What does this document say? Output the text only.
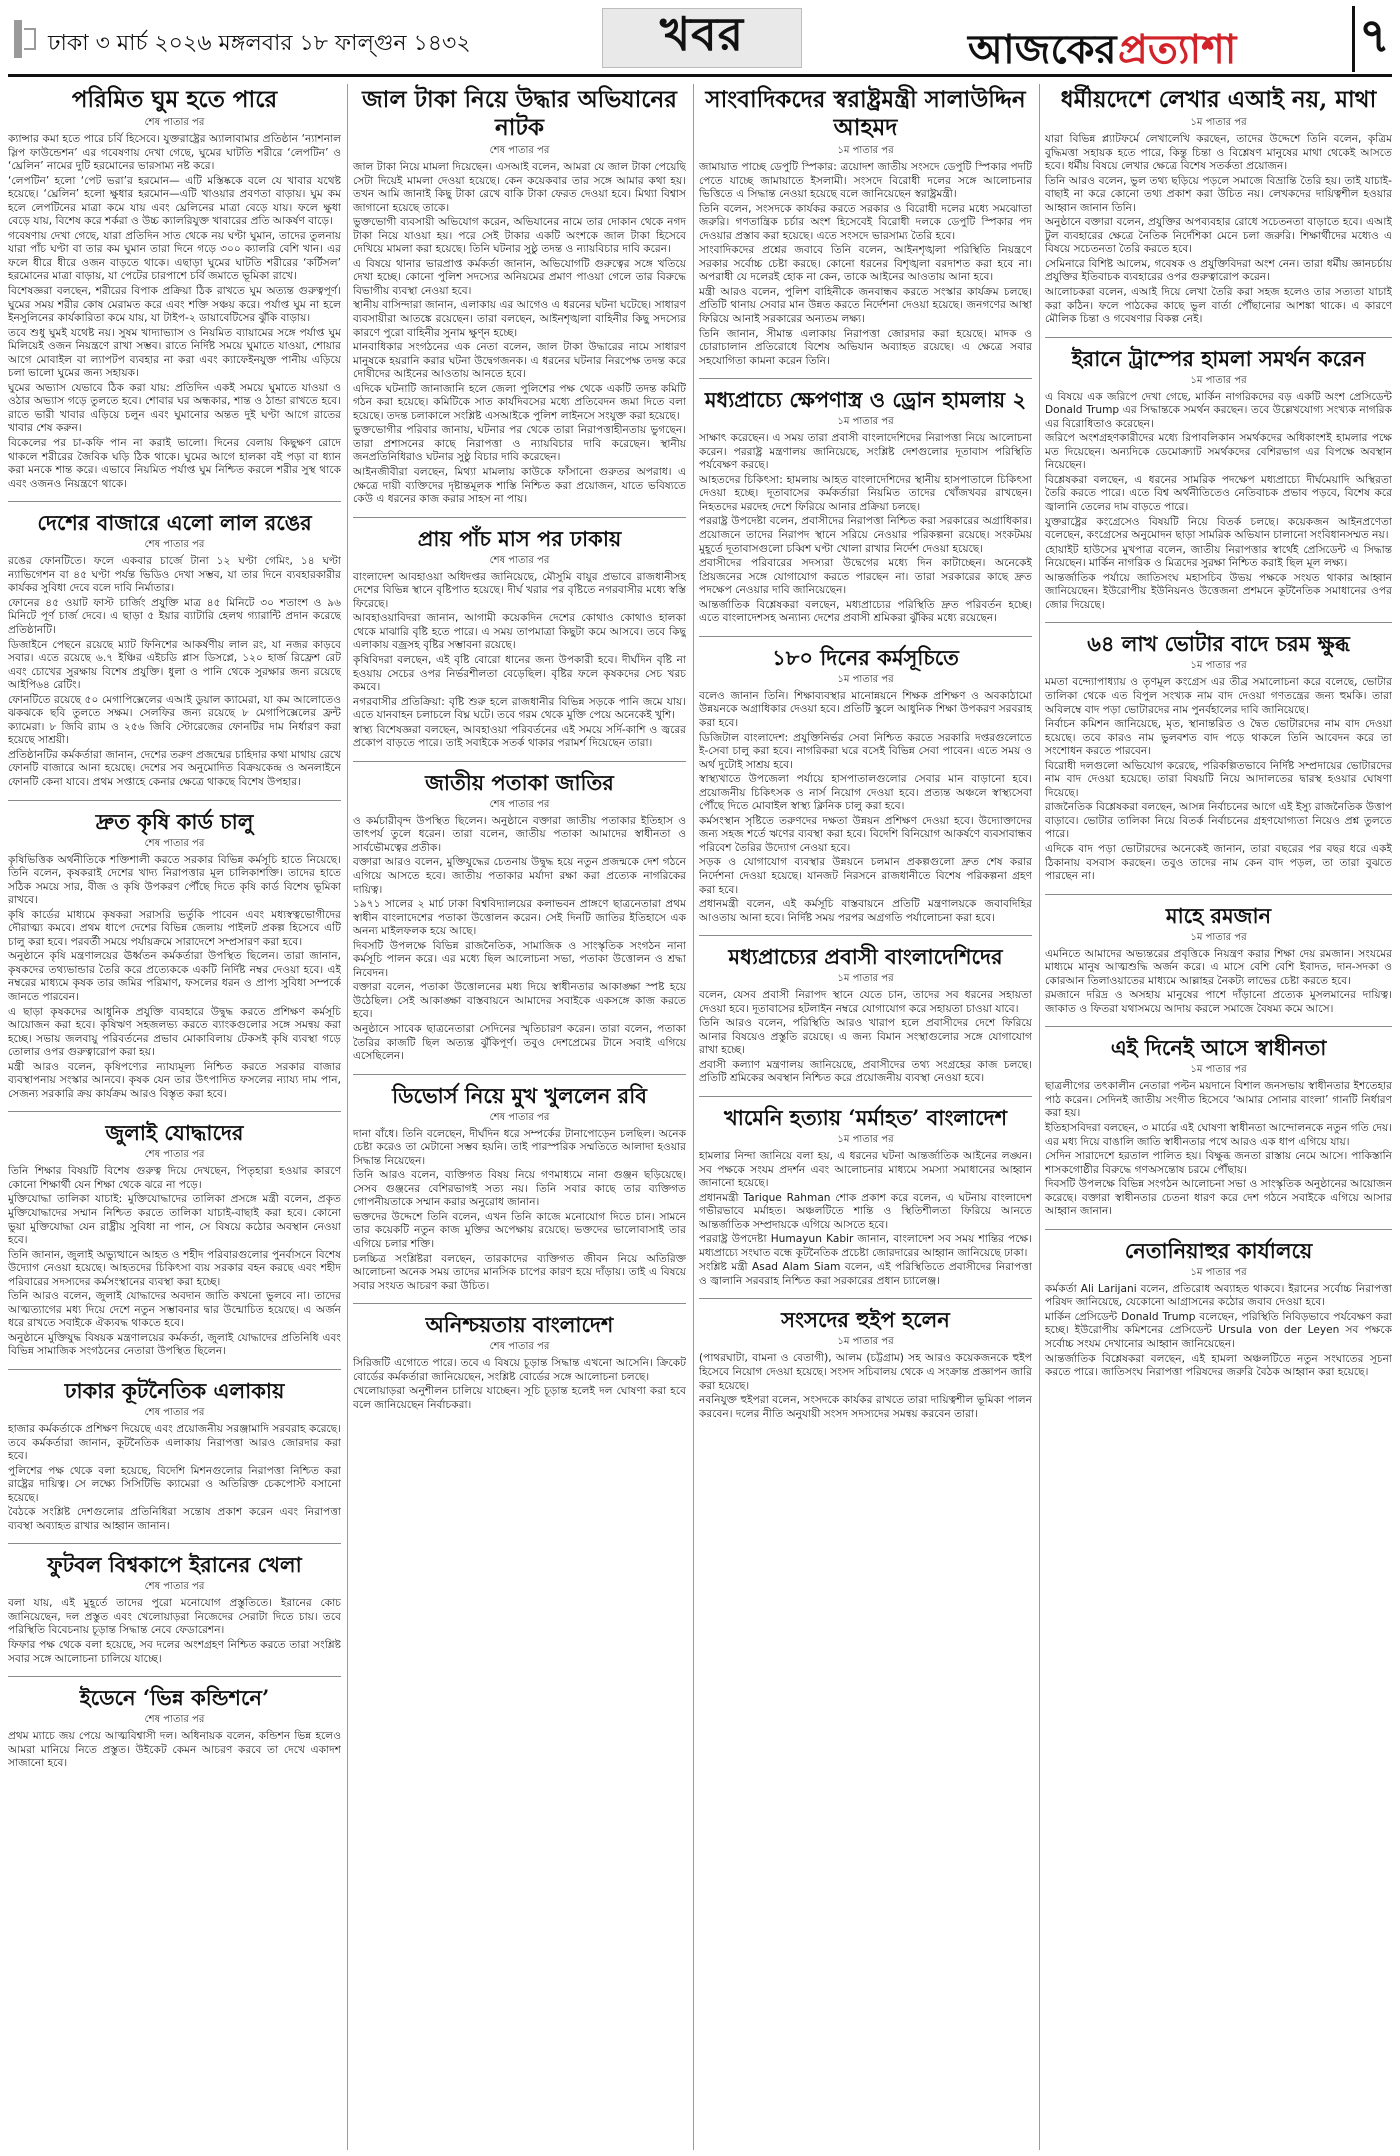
ঢাকা ৩ মার্চ ২০২৬ মঙ্গলবার ১৮ ফাল্গুন ১৪৩২	খবর	আজকের প্রত্যাশা	৭
পরিমিত ঘুম হতে পারে
শেষ পাতার পর

ক্যান্সার কমা হতে পারে চর্বি হিসেবে। যুক্তরাষ্ট্রের অ্যালাবামার প্রতিষ্ঠান ‘ন্যাশনাল স্লিপ ফাউন্ডেশন’ এর গবেষণায় দেখা গেছে, ঘুমের ঘাটতি শরীরে ‘লেপটিন’ ও ‘ঘ্রেলিন’ নামের দুটি হরমোনের ভারসাম্য নষ্ট করে।

‘লেপটিন’ হলো ‘পেট ভরা’র হরমোন— এটি মস্তিষ্ককে বলে যে খাবার যথেষ্ট হয়েছে। ‘ঘ্রেলিন’ হলো ক্ষুধার হরমোন—এটি খাওয়ার প্রবণতা বাড়ায়। ঘুম কম হলে লেপটিনের মাত্রা কমে যায় এবং ঘ্রেলিনের মাত্রা বেড়ে যায়। ফলে ক্ষুধা বেড়ে যায়, বিশেষ করে শর্করা ও উচ্চ ক্যালরিযুক্ত খাবারের প্রতি আকর্ষণ বাড়ে।

গবেষণায় দেখা গেছে, যারা প্রতিদিন সাত থেকে নয় ঘণ্টা ঘুমান, তাদের তুলনায় যারা পাঁচ ঘণ্টা বা তার কম ঘুমান তারা দিনে গড়ে ৩০০ ক্যালরি বেশি খান। এর ফলে ধীরে ধীরে ওজন বাড়তে থাকে। এছাড়া ঘুমের ঘাটতি শরীরের ‘কর্টিসল’ হরমোনের মাত্রা বাড়ায়, যা পেটের চারপাশে চর্বি জমাতে ভূমিকা রাখে।

বিশেষজ্ঞরা বলছেন, শরীরের বিপাক প্রক্রিয়া ঠিক রাখতে ঘুম অত্যন্ত গুরুত্বপূর্ণ। ঘুমের সময় শরীর কোষ মেরামত করে এবং শক্তি সঞ্চয় করে। পর্যাপ্ত ঘুম না হলে ইনসুলিনের কার্যকারিতা কমে যায়, যা টাইপ-২ ডায়াবেটিসের ঝুঁকি বাড়ায়।

তবে শুধু ঘুমই যথেষ্ট নয়। সুষম খাদ্যাভ্যাস ও নিয়মিত ব্যায়ামের সঙ্গে পর্যাপ্ত ঘুম মিলিয়েই ওজন নিয়ন্ত্রণে রাখা সম্ভব। রাতে নির্দিষ্ট সময়ে ঘুমাতে যাওয়া, শোয়ার আগে মোবাইল বা ল্যাপটপ ব্যবহার না করা এবং ক্যাফেইনযুক্ত পানীয় এড়িয়ে চলা ভালো ঘুমের জন্য সহায়ক।

ঘুমের অভ্যাস যেভাবে ঠিক করা যায়: প্রতিদিন একই সময়ে ঘুমাতে যাওয়া ও ওঠার অভ্যাস গড়ে তুলতে হবে। শোবার ঘর অন্ধকার, শান্ত ও ঠান্ডা রাখতে হবে। রাতে ভারী খাবার এড়িয়ে চলুন এবং ঘুমানোর অন্তত দুই ঘণ্টা আগে রাতের খাবার শেষ করুন।

বিকেলের পর চা-কফি পান না করাই ভালো। দিনের বেলায় কিছুক্ষণ রোদে থাকলে শরীরের জৈবিক ঘড়ি ঠিক থাকে। ঘুমের আগে হালকা বই পড়া বা ধ্যান করা মনকে শান্ত করে। এভাবে নিয়মিত পর্যাপ্ত ঘুম নিশ্চিত করলে শরীর সুস্থ থাকে এবং ওজনও নিয়ন্ত্রণে থাকে।

দেশের বাজারে এলো লাল রঙের
শেষ পাতার পর

রঙের ফোনটিতে। ফলে একবার চার্জে টানা ১২ ঘণ্টা গেমিং, ১৪ ঘণ্টা ন্যাভিগেশন বা ৪৫ ঘণ্টা পর্যন্ত ভিডিও দেখা সম্ভব, যা তার দিনে ব্যবহারকারীর কার্যকর সুবিধা দেবে বলে দাবি নির্মাতার।

ফোনের ৪৫ ওয়াট ফাস্ট চার্জিং প্রযুক্তি মাত্র ৪৫ মিনিটে ৩০ শতাংশ ও ৯৬ মিনিটে পূর্ণ চার্জ দেবে। এ ছাড়া ৫ ইয়ার ব্যাটারি হেলথ গ্যারান্টি প্রদান করেছে প্রতিষ্ঠানটি।

ডিজাইনে পেছনে রয়েছে ম্যাট ফিনিশের আকর্ষণীয় লাল রং, যা নজর কাড়বে সবার। এতে রয়েছে ৬.৭ ইঞ্চির এইচডি প্লাস ডিসপ্লে, ১২০ হার্জ রিফ্রেশ রেট এবং চোখের সুরক্ষায় বিশেষ প্রযুক্তি। ধুলা ও পানি থেকে সুরক্ষার জন্য রয়েছে আইপি৬৪ রেটিং।

ফোনটিতে রয়েছে ৫০ মেগাপিক্সেলের এআই ডুয়াল ক্যামেরা, যা কম আলোতেও ঝকঝকে ছবি তুলতে সক্ষম। সেলফির জন্য রয়েছে ৮ মেগাপিক্সেলের ফ্রন্ট ক্যামেরা। ৮ জিবি র‍্যাম ও ২৫৬ জিবি স্টোরেজের ফোনটির দাম নির্ধারণ করা হয়েছে সাশ্রয়ী।

প্রতিষ্ঠানটির কর্মকর্তারা জানান, দেশের তরুণ প্রজন্মের চাহিদার কথা মাথায় রেখে ফোনটি বাজারে আনা হয়েছে। দেশের সব অনুমোদিত বিক্রয়কেন্দ্র ও অনলাইনে ফোনটি কেনা যাবে। প্রথম সপ্তাহে কেনার ক্ষেত্রে থাকছে বিশেষ উপহার।

দ্রুত কৃষি কার্ড চালু
শেষ পাতার পর

কৃষিভিত্তিক অর্থনীতিকে শক্তিশালী করতে সরকার বিভিন্ন কর্মসূচি হাতে নিয়েছে। তিনি বলেন, কৃষকরাই দেশের খাদ্য নিরাপত্তার মূল চালিকাশক্তি। তাদের হাতে সঠিক সময়ে সার, বীজ ও কৃষি উপকরণ পৌঁছে দিতে কৃষি কার্ড বিশেষ ভূমিকা রাখবে।

কৃষি কার্ডের মাধ্যমে কৃষকরা সরাসরি ভর্তুকি পাবেন এবং মধ্যস্বত্বভোগীদের দৌরাত্ম্য কমবে। প্রথম ধাপে দেশের বিভিন্ন জেলায় পাইলট প্রকল্প হিসেবে এটি চালু করা হবে। পরবর্তী সময়ে পর্যায়ক্রমে সারাদেশে সম্প্রসারণ করা হবে।

অনুষ্ঠানে কৃষি মন্ত্রণালয়ের ঊর্ধ্বতন কর্মকর্তারা উপস্থিত ছিলেন। তারা জানান, কৃষকদের তথ্যভান্ডার তৈরি করে প্রত্যেককে একটি নির্দিষ্ট নম্বর দেওয়া হবে। এই নম্বরের মাধ্যমে কৃষক তার জমির পরিমাণ, ফসলের ধরন ও প্রাপ্য সুবিধা সম্পর্কে জানতে পারবেন।

এ ছাড়া কৃষকদের আধুনিক প্রযুক্তি ব্যবহারে উদ্বুদ্ধ করতে প্রশিক্ষণ কর্মসূচি আয়োজন করা হবে। কৃষিঋণ সহজলভ্য করতে ব্যাংকগুলোর সঙ্গে সমন্বয় করা হচ্ছে। সভায় জলবায়ু পরিবর্তনের প্রভাব মোকাবিলায় টেকসই কৃষি ব্যবস্থা গড়ে তোলার ওপর গুরুত্বারোপ করা হয়।

মন্ত্রী আরও বলেন, কৃষিপণ্যের ন্যায্যমূল্য নিশ্চিত করতে সরকার বাজার ব্যবস্থাপনায় সংস্কার আনবে। কৃষক যেন তার উৎপাদিত ফসলের ন্যায্য দাম পান, সেজন্য সরকারি ক্রয় কার্যক্রম আরও বিস্তৃত করা হবে।

জুলাই যোদ্ধাদের
শেষ পাতার পর

তিনি শিক্ষার বিষয়টি বিশেষ গুরুত্ব দিয়ে দেখছেন, পিতৃহারা হওয়ার কারণে কোনো শিক্ষার্থী যেন শিক্ষা থেকে ঝরে না পড়ে।

মুক্তিযোদ্ধা তালিকা যাচাই: মুক্তিযোদ্ধাদের তালিকা প্রসঙ্গে মন্ত্রী বলেন, প্রকৃত মুক্তিযোদ্ধাদের সম্মান নিশ্চিত করতে তালিকা যাচাই-বাছাই করা হবে। কোনো ভুয়া মুক্তিযোদ্ধা যেন রাষ্ট্রীয় সুবিধা না পান, সে বিষয়ে কঠোর অবস্থান নেওয়া হবে।

তিনি জানান, জুলাই অভ্যুত্থানে আহত ও শহীদ পরিবারগুলোর পুনর্বাসনে বিশেষ উদ্যোগ নেওয়া হয়েছে। আহতদের চিকিৎসা ব্যয় সরকার বহন করছে এবং শহীদ পরিবারের সদস্যদের কর্মসংস্থানের ব্যবস্থা করা হচ্ছে।

তিনি আরও বলেন, জুলাই যোদ্ধাদের অবদান জাতি কখনো ভুলবে না। তাদের আত্মত্যাগের মধ্য দিয়ে দেশে নতুন সম্ভাবনার দ্বার উন্মোচিত হয়েছে। এ অর্জন ধরে রাখতে সবাইকে ঐক্যবদ্ধ থাকতে হবে।

অনুষ্ঠানে মুক্তিযুদ্ধ বিষয়ক মন্ত্রণালয়ের কর্মকর্তা, জুলাই যোদ্ধাদের প্রতিনিধি এবং বিভিন্ন সামাজিক সংগঠনের নেতারা উপস্থিত ছিলেন।

ঢাকার কূটনৈতিক এলাকায়
শেষ পাতার পর

হাজার কর্মকর্তাকে প্রশিক্ষণ দিয়েছে এবং প্রয়োজনীয় সরঞ্জামাদি সরবরাহ করেছে। তবে কর্মকর্তারা জানান, কূটনৈতিক এলাকায় নিরাপত্তা আরও জোরদার করা হবে।

পুলিশের পক্ষ থেকে বলা হয়েছে, বিদেশি মিশনগুলোর নিরাপত্তা নিশ্চিত করা রাষ্ট্রের দায়িত্ব। সে লক্ষ্যে সিসিটিভি ক্যামেরা ও অতিরিক্ত চেকপোস্ট বসানো হয়েছে।

বৈঠকে সংশ্লিষ্ট দেশগুলোর প্রতিনিধিরা সন্তোষ প্রকাশ করেন এবং নিরাপত্তা ব্যবস্থা অব্যাহত রাখার আহ্বান জানান।

ফুটবল বিশ্বকাপে ইরানের খেলা
শেষ পাতার পর

বলা যায়, এই মুহূর্তে তাদের পুরো মনোযোগ প্রস্তুতিতে। ইরানের কোচ জানিয়েছেন, দল প্রস্তুত এবং খেলোয়াড়রা নিজেদের সেরাটা দিতে চায়। তবে পরিস্থিতি বিবেচনায় চূড়ান্ত সিদ্ধান্ত নেবে ফেডারেশন।

ফিফার পক্ষ থেকে বলা হয়েছে, সব দলের অংশগ্রহণ নিশ্চিত করতে তারা সংশ্লিষ্ট সবার সঙ্গে আলোচনা চালিয়ে যাচ্ছে।

ইডেনে ‘ভিন্ন কন্ডিশনে’
শেষ পাতার পর

প্রথম ম্যাচে জয় পেয়ে আত্মবিশ্বাসী দল। অধিনায়ক বলেন, কন্ডিশন ভিন্ন হলেও আমরা মানিয়ে নিতে প্রস্তুত। উইকেট কেমন আচরণ করবে তা দেখে একাদশ সাজানো হবে।

জাল টাকা নিয়ে উদ্ধার অভিযানের নাটক
শেষ পাতার পর

জাল টাকা নিয়ে মামলা দিয়েছেন। এসআই বলেন, আমরা যে জাল টাকা পেয়েছি সেটা দিয়েই মামলা দেওয়া হয়েছে। কেন কয়েকবার তার সঙ্গে আমার কথা হয়। তখন আমি জানাই কিছু টাকা রেখে বাকি টাকা ফেরত দেওয়া হবে। মিথ্যা বিশ্বাস জাগানো হয়েছে তাকে।

ভুক্তভোগী ব্যবসায়ী অভিযোগ করেন, অভিযানের নামে তার দোকান থেকে নগদ টাকা নিয়ে যাওয়া হয়। পরে সেই টাকার একটি অংশকে জাল টাকা হিসেবে দেখিয়ে মামলা করা হয়েছে। তিনি ঘটনার সুষ্ঠু তদন্ত ও ন্যায়বিচার দাবি করেন।

এ বিষয়ে থানার ভারপ্রাপ্ত কর্মকর্তা জানান, অভিযোগটি গুরুত্বের সঙ্গে খতিয়ে দেখা হচ্ছে। কোনো পুলিশ সদস্যের অনিয়মের প্রমাণ পাওয়া গেলে তার বিরুদ্ধে বিভাগীয় ব্যবস্থা নেওয়া হবে।

স্থানীয় বাসিন্দারা জানান, এলাকায় এর আগেও এ ধরনের ঘটনা ঘটেছে। সাধারণ ব্যবসায়ীরা আতঙ্কে রয়েছেন। তারা বলছেন, আইনশৃঙ্খলা বাহিনীর কিছু সদস্যের কারণে পুরো বাহিনীর সুনাম ক্ষুণ্ন হচ্ছে।

মানবাধিকার সংগঠনের এক নেতা বলেন, জাল টাকা উদ্ধারের নামে সাধারণ মানুষকে হয়রানি করার ঘটনা উদ্বেগজনক। এ ধরনের ঘটনার নিরপেক্ষ তদন্ত করে দোষীদের আইনের আওতায় আনতে হবে।

এদিকে ঘটনাটি জানাজানি হলে জেলা পুলিশের পক্ষ থেকে একটি তদন্ত কমিটি গঠন করা হয়েছে। কমিটিকে সাত কার্যদিবসের মধ্যে প্রতিবেদন জমা দিতে বলা হয়েছে। তদন্ত চলাকালে সংশ্লিষ্ট এসআইকে পুলিশ লাইনসে সংযুক্ত করা হয়েছে।

ভুক্তভোগীর পরিবার জানায়, ঘটনার পর থেকে তারা নিরাপত্তাহীনতায় ভুগছেন। তারা প্রশাসনের কাছে নিরাপত্তা ও ন্যায়বিচার দাবি করেছেন। স্থানীয় জনপ্রতিনিধিরাও ঘটনার সুষ্ঠু বিচার দাবি করেছেন।

আইনজীবীরা বলছেন, মিথ্যা মামলায় কাউকে ফাঁসানো গুরুতর অপরাধ। এ ক্ষেত্রে দায়ী ব্যক্তিদের দৃষ্টান্তমূলক শাস্তি নিশ্চিত করা প্রয়োজন, যাতে ভবিষ্যতে কেউ এ ধরনের কাজ করার সাহস না পায়।

প্রায় পাঁচ মাস পর ঢাকায়
শেষ পাতার পর

বাংলাদেশ আবহাওয়া অধিদপ্তর জানিয়েছে, মৌসুমি বায়ুর প্রভাবে রাজধানীসহ দেশের বিভিন্ন স্থানে বৃষ্টিপাত হয়েছে। দীর্ঘ খরার পর বৃষ্টিতে নগরবাসীর মধ্যে স্বস্তি ফিরেছে।

আবহাওয়াবিদরা জানান, আগামী কয়েকদিন দেশের কোথাও কোথাও হালকা থেকে মাঝারি বৃষ্টি হতে পারে। এ সময় তাপমাত্রা কিছুটা কমে আসবে। তবে কিছু এলাকায় বজ্রসহ বৃষ্টির সম্ভাবনা রয়েছে।

কৃষিবিদরা বলছেন, এই বৃষ্টি বোরো ধানের জন্য উপকারী হবে। দীর্ঘদিন বৃষ্টি না হওয়ায় সেচের ওপর নির্ভরশীলতা বেড়েছিল। বৃষ্টির ফলে কৃষকদের সেচ খরচ কমবে।

নগরবাসীর প্রতিক্রিয়া: বৃষ্টি শুরু হলে রাজধানীর বিভিন্ন সড়কে পানি জমে যায়। এতে যানবাহন চলাচলে বিঘ্ন ঘটে। তবে গরম থেকে মুক্তি পেয়ে অনেকেই খুশি।

স্বাস্থ্য বিশেষজ্ঞরা বলছেন, আবহাওয়া পরিবর্তনের এই সময়ে সর্দি-কাশি ও জ্বরের প্রকোপ বাড়তে পারে। তাই সবাইকে সতর্ক থাকার পরামর্শ দিয়েছেন তারা।

জাতীয় পতাকা জাতির
শেষ পাতার পর

ও কর্মচারীবৃন্দ উপস্থিত ছিলেন। অনুষ্ঠানে বক্তারা জাতীয় পতাকার ইতিহাস ও তাৎপর্য তুলে ধরেন। তারা বলেন, জাতীয় পতাকা আমাদের স্বাধীনতা ও সার্বভৌমত্বের প্রতীক।

বক্তারা আরও বলেন, মুক্তিযুদ্ধের চেতনায় উদ্বুদ্ধ হয়ে নতুন প্রজন্মকে দেশ গঠনে এগিয়ে আসতে হবে। জাতীয় পতাকার মর্যাদা রক্ষা করা প্রত্যেক নাগরিকের দায়িত্ব।

১৯৭১ সালের ২ মার্চ ঢাকা বিশ্ববিদ্যালয়ের কলাভবন প্রাঙ্গণে ছাত্রনেতারা প্রথম স্বাধীন বাংলাদেশের পতাকা উত্তোলন করেন। সেই দিনটি জাতির ইতিহাসে এক অনন্য মাইলফলক হয়ে আছে।

দিবসটি উপলক্ষে বিভিন্ন রাজনৈতিক, সামাজিক ও সাংস্কৃতিক সংগঠন নানা কর্মসূচি পালন করে। এর মধ্যে ছিল আলোচনা সভা, পতাকা উত্তোলন ও শ্রদ্ধা নিবেদন।

বক্তারা বলেন, পতাকা উত্তোলনের মধ্য দিয়ে স্বাধীনতার আকাঙ্ক্ষা স্পষ্ট হয়ে উঠেছিল। সেই আকাঙ্ক্ষা বাস্তবায়নে আমাদের সবাইকে একসঙ্গে কাজ করতে হবে।

অনুষ্ঠানে সাবেক ছাত্রনেতারা সেদিনের স্মৃতিচারণ করেন। তারা বলেন, পতাকা তৈরির কাজটি ছিল অত্যন্ত ঝুঁকিপূর্ণ। তবুও দেশপ্রেমের টানে সবাই এগিয়ে এসেছিলেন।

ডিভোর্স নিয়ে মুখ খুললেন রবি
শেষ পাতার পর

দানা বাঁধে। তিনি বলেছেন, দীর্ঘদিন ধরে সম্পর্কের টানাপোড়েন চলছিল। অনেক চেষ্টা করেও তা মেটানো সম্ভব হয়নি। তাই পারস্পরিক সম্মতিতে আলাদা হওয়ার সিদ্ধান্ত নিয়েছেন।

তিনি আরও বলেন, ব্যক্তিগত বিষয় নিয়ে গণমাধ্যমে নানা গুঞ্জন ছড়িয়েছে। সেসব গুঞ্জনের বেশিরভাগই সত্য নয়। তিনি সবার কাছে তার ব্যক্তিগত গোপনীয়তাকে সম্মান করার অনুরোধ জানান।

ভক্তদের উদ্দেশে তিনি বলেন, এখন তিনি কাজে মনোযোগ দিতে চান। সামনে তার কয়েকটি নতুন কাজ মুক্তির অপেক্ষায় রয়েছে। ভক্তদের ভালোবাসাই তার এগিয়ে চলার শক্তি।

চলচ্চিত্র সংশ্লিষ্টরা বলছেন, তারকাদের ব্যক্তিগত জীবন নিয়ে অতিরিক্ত আলোচনা অনেক সময় তাদের মানসিক চাপের কারণ হয়ে দাঁড়ায়। তাই এ বিষয়ে সবার সংযত আচরণ করা উচিত।

অনিশ্চয়তায় বাংলাদেশ
শেষ পাতার পর

সিরিজটি এগোতে পারে। তবে এ বিষয়ে চূড়ান্ত সিদ্ধান্ত এখনো আসেনি। ক্রিকেট বোর্ডের কর্মকর্তারা জানিয়েছেন, সংশ্লিষ্ট বোর্ডের সঙ্গে আলোচনা চলছে।

খেলোয়াড়রা অনুশীলন চালিয়ে যাচ্ছেন। সূচি চূড়ান্ত হলেই দল ঘোষণা করা হবে বলে জানিয়েছেন নির্বাচকরা।

সাংবাদিকদের স্বরাষ্ট্রমন্ত্রী সালাউদ্দিন আহমদ
১ম পাতার পর

জামায়াত পাচ্ছে ডেপুটি স্পিকার: ত্রয়োদশ জাতীয় সংসদে ডেপুটি স্পিকার পদটি পেতে যাচ্ছে জামায়াতে ইসলামী। সংসদে বিরোধী দলের সঙ্গে আলোচনার ভিত্তিতে এ সিদ্ধান্ত নেওয়া হয়েছে বলে জানিয়েছেন স্বরাষ্ট্রমন্ত্রী।

তিনি বলেন, সংসদকে কার্যকর করতে সরকার ও বিরোধী দলের মধ্যে সমঝোতা জরুরি। গণতান্ত্রিক চর্চার অংশ হিসেবেই বিরোধী দলকে ডেপুটি স্পিকার পদ দেওয়ার প্রস্তাব করা হয়েছে। এতে সংসদে ভারসাম্য তৈরি হবে।

সাংবাদিকদের প্রশ্নের জবাবে তিনি বলেন, আইনশৃঙ্খলা পরিস্থিতি নিয়ন্ত্রণে সরকার সর্বোচ্চ চেষ্টা করছে। কোনো ধরনের বিশৃঙ্খলা বরদাশত করা হবে না। অপরাধী যে দলেরই হোক না কেন, তাকে আইনের আওতায় আনা হবে।

মন্ত্রী আরও বলেন, পুলিশ বাহিনীকে জনবান্ধব করতে সংস্কার কার্যক্রম চলছে। প্রতিটি থানায় সেবার মান উন্নত করতে নির্দেশনা দেওয়া হয়েছে। জনগণের আস্থা ফিরিয়ে আনাই সরকারের অন্যতম লক্ষ্য।

তিনি জানান, সীমান্ত এলাকায় নিরাপত্তা জোরদার করা হয়েছে। মাদক ও চোরাচালান প্রতিরোধে বিশেষ অভিযান অব্যাহত রয়েছে। এ ক্ষেত্রে সবার সহযোগিতা কামনা করেন তিনি।

মধ্যপ্রাচ্যে ক্ষেপণাস্ত্র ও ড্রোন হামলায় ২
১ম পাতার পর

সাক্ষাৎ করেছেন। এ সময় তারা প্রবাসী বাংলাদেশিদের নিরাপত্তা নিয়ে আলোচনা করেন। পররাষ্ট্র মন্ত্রণালয় জানিয়েছে, সংশ্লিষ্ট দেশগুলোর দূতাবাস পরিস্থিতি পর্যবেক্ষণ করছে।

আহতদের চিকিৎসা: হামলায় আহত বাংলাদেশিদের স্থানীয় হাসপাতালে চিকিৎসা দেওয়া হচ্ছে। দূতাবাসের কর্মকর্তারা নিয়মিত তাদের খোঁজখবর রাখছেন। নিহতদের মরদেহ দেশে ফিরিয়ে আনার প্রক্রিয়া চলছে।

পররাষ্ট্র উপদেষ্টা বলেন, প্রবাসীদের নিরাপত্তা নিশ্চিত করা সরকারের অগ্রাধিকার। প্রয়োজনে তাদের নিরাপদ স্থানে সরিয়ে নেওয়ার পরিকল্পনা রয়েছে। সংকটময় মুহূর্তে দূতাবাসগুলো চব্বিশ ঘণ্টা খোলা রাখার নির্দেশ দেওয়া হয়েছে।

প্রবাসীদের পরিবারের সদস্যরা উদ্বেগের মধ্যে দিন কাটাচ্ছেন। অনেকেই প্রিয়জনের সঙ্গে যোগাযোগ করতে পারছেন না। তারা সরকারের কাছে দ্রুত পদক্ষেপ নেওয়ার দাবি জানিয়েছেন।

আন্তর্জাতিক বিশ্লেষকরা বলছেন, মধ্যপ্রাচ্যের পরিস্থিতি দ্রুত পরিবর্তন হচ্ছে। এতে বাংলাদেশসহ অন্যান্য দেশের প্রবাসী শ্রমিকরা ঝুঁকির মধ্যে রয়েছেন।

১৮০ দিনের কর্মসূচিতে
১ম পাতার পর

বলেও জানান তিনি। শিক্ষাব্যবস্থার মানোন্নয়নে শিক্ষক প্রশিক্ষণ ও অবকাঠামো উন্নয়নকে অগ্রাধিকার দেওয়া হবে। প্রতিটি স্কুলে আধুনিক শিক্ষা উপকরণ সরবরাহ করা হবে।

ডিজিটাল বাংলাদেশ: প্রযুক্তিনির্ভর সেবা নিশ্চিত করতে সরকারি দপ্তরগুলোতে ই-সেবা চালু করা হবে। নাগরিকরা ঘরে বসেই বিভিন্ন সেবা পাবেন। এতে সময় ও অর্থ দুটোই সাশ্রয় হবে।

স্বাস্থ্যখাতে উপজেলা পর্যায়ে হাসপাতালগুলোর সেবার মান বাড়ানো হবে। প্রয়োজনীয় চিকিৎসক ও নার্স নিয়োগ দেওয়া হবে। প্রত্যন্ত অঞ্চলে স্বাস্থ্যসেবা পৌঁছে দিতে মোবাইল স্বাস্থ্য ক্লিনিক চালু করা হবে।

কর্মসংস্থান সৃষ্টিতে তরুণদের দক্ষতা উন্নয়ন প্রশিক্ষণ দেওয়া হবে। উদ্যোক্তাদের জন্য সহজ শর্তে ঋণের ব্যবস্থা করা হবে। বিদেশি বিনিয়োগ আকর্ষণে ব্যবসাবান্ধব পরিবেশ তৈরির উদ্যোগ নেওয়া হবে।

সড়ক ও যোগাযোগ ব্যবস্থার উন্নয়নে চলমান প্রকল্পগুলো দ্রুত শেষ করার নির্দেশনা দেওয়া হয়েছে। যানজট নিরসনে রাজধানীতে বিশেষ পরিকল্পনা গ্রহণ করা হবে।

প্রধানমন্ত্রী বলেন, এই কর্মসূচি বাস্তবায়নে প্রতিটি মন্ত্রণালয়কে জবাবদিহির আওতায় আনা হবে। নির্দিষ্ট সময় পরপর অগ্রগতি পর্যালোচনা করা হবে।

মধ্যপ্রাচ্যের প্রবাসী বাংলাদেশিদের
১ম পাতার পর

বলেন, যেসব প্রবাসী নিরাপদ স্থানে যেতে চান, তাদের সব ধরনের সহায়তা দেওয়া হবে। দূতাবাসের হটলাইন নম্বরে যোগাযোগ করে সহায়তা চাওয়া যাবে।

তিনি আরও বলেন, পরিস্থিতি আরও খারাপ হলে প্রবাসীদের দেশে ফিরিয়ে আনার বিষয়েও প্রস্তুতি রয়েছে। এ জন্য বিমান সংস্থাগুলোর সঙ্গে যোগাযোগ রাখা হচ্ছে।

প্রবাসী কল্যাণ মন্ত্রণালয় জানিয়েছে, প্রবাসীদের তথ্য সংগ্রহের কাজ চলছে। প্রতিটি শ্রমিকের অবস্থান নিশ্চিত করে প্রয়োজনীয় ব্যবস্থা নেওয়া হবে।

খামেনি হত্যায় ‘মর্মাহত’ বাংলাদেশ
১ম পাতার পর

হামলার নিন্দা জানিয়ে বলা হয়, এ ধরনের ঘটনা আন্তর্জাতিক আইনের লঙ্ঘন। সব পক্ষকে সংযম প্রদর্শন এবং আলোচনার মাধ্যমে সমস্যা সমাধানের আহ্বান জানানো হয়েছে।

প্রধানমন্ত্রী Tarique Rahman শোক প্রকাশ করে বলেন, এ ঘটনায় বাংলাদেশ গভীরভাবে মর্মাহত। অঞ্চলটিতে শান্তি ও স্থিতিশীলতা ফিরিয়ে আনতে আন্তর্জাতিক সম্প্রদায়কে এগিয়ে আসতে হবে।

পররাষ্ট্র উপদেষ্টা Humayun Kabir জানান, বাংলাদেশ সব সময় শান্তির পক্ষে। মধ্যপ্রাচ্যে সংঘাত বন্ধে কূটনৈতিক প্রচেষ্টা জোরদারের আহ্বান জানিয়েছে ঢাকা।

সংশ্লিষ্ট মন্ত্রী Asad Alam Siam বলেন, এই পরিস্থিতিতে প্রবাসীদের নিরাপত্তা ও জ্বালানি সরবরাহ নিশ্চিত করা সরকারের প্রধান চ্যালেঞ্জ।

সংসদের হুইপ হলেন
১ম পাতার পর

(পাথরঘাটা, বামনা ও বেতাগী), আলম (চট্টগ্রাম) সহ আরও কয়েকজনকে হুইপ হিসেবে নিয়োগ দেওয়া হয়েছে। সংসদ সচিবালয় থেকে এ সংক্রান্ত প্রজ্ঞাপন জারি করা হয়েছে।

নবনিযুক্ত হুইপরা বলেন, সংসদকে কার্যকর রাখতে তারা দায়িত্বশীল ভূমিকা পালন করবেন। দলের নীতি অনুযায়ী সংসদ সদস্যদের সমন্বয় করবেন তারা।

ধর্মীয়দেশে লেখার এআই নয়, মাথা
১ম পাতার পর

যারা বিভিন্ন প্ল্যাটফর্মে লেখালেখি করছেন, তাদের উদ্দেশে তিনি বলেন, কৃত্রিম বুদ্ধিমত্তা সহায়ক হতে পারে, কিন্তু চিন্তা ও বিশ্লেষণ মানুষের মাথা থেকেই আসতে হবে। ধর্মীয় বিষয়ে লেখার ক্ষেত্রে বিশেষ সতর্কতা প্রয়োজন।

তিনি আরও বলেন, ভুল তথ্য ছড়িয়ে পড়লে সমাজে বিভ্রান্তি তৈরি হয়। তাই যাচাই-বাছাই না করে কোনো তথ্য প্রকাশ করা উচিত নয়। লেখকদের দায়িত্বশীল হওয়ার আহ্বান জানান তিনি।

অনুষ্ঠানে বক্তারা বলেন, প্রযুক্তির অপব্যবহার রোধে সচেতনতা বাড়াতে হবে। এআই টুল ব্যবহারের ক্ষেত্রে নৈতিক নির্দেশিকা মেনে চলা জরুরি। শিক্ষার্থীদের মধ্যেও এ বিষয়ে সচেতনতা তৈরি করতে হবে।

সেমিনারে বিশিষ্ট আলেম, গবেষক ও প্রযুক্তিবিদরা অংশ নেন। তারা ধর্মীয় জ্ঞানচর্চায় প্রযুক্তির ইতিবাচক ব্যবহারের ওপর গুরুত্বারোপ করেন।

আলোচকরা বলেন, এআই দিয়ে লেখা তৈরি করা সহজ হলেও তার সত্যতা যাচাই করা কঠিন। ফলে পাঠকের কাছে ভুল বার্তা পৌঁছানোর আশঙ্কা থাকে। এ কারণে মৌলিক চিন্তা ও গবেষণার বিকল্প নেই।

ইরানে ট্রাম্পের হামলা সমর্থন করেন
১ম পাতার পর

এ বিষয়ে এক জরিপে দেখা গেছে, মার্কিন নাগরিকদের বড় একটি অংশ প্রেসিডেন্ট Donald Trump এর সিদ্ধান্তকে সমর্থন করছেন। তবে উল্লেখযোগ্য সংখ্যক নাগরিক এর বিরোধিতাও করেছেন।

জরিপে অংশগ্রহণকারীদের মধ্যে রিপাবলিকান সমর্থকদের অধিকাংশই হামলার পক্ষে মত দিয়েছেন। অন্যদিকে ডেমোক্র্যাট সমর্থকদের বেশিরভাগ এর বিপক্ষে অবস্থান নিয়েছেন।

বিশ্লেষকরা বলছেন, এ ধরনের সামরিক পদক্ষেপ মধ্যপ্রাচ্যে দীর্ঘমেয়াদি অস্থিরতা তৈরি করতে পারে। এতে বিশ্ব অর্থনীতিতেও নেতিবাচক প্রভাব পড়বে, বিশেষ করে জ্বালানি তেলের দাম বাড়তে পারে।

যুক্তরাষ্ট্রের কংগ্রেসেও বিষয়টি নিয়ে বিতর্ক চলছে। কয়েকজন আইনপ্রণেতা বলেছেন, কংগ্রেসের অনুমোদন ছাড়া সামরিক অভিযান চালানো সংবিধানসম্মত নয়।

হোয়াইট হাউসের মুখপাত্র বলেন, জাতীয় নিরাপত্তার স্বার্থেই প্রেসিডেন্ট এ সিদ্ধান্ত নিয়েছেন। মার্কিন নাগরিক ও মিত্রদের সুরক্ষা নিশ্চিত করাই ছিল মূল লক্ষ্য।

আন্তর্জাতিক পর্যায়ে জাতিসংঘ মহাসচিব উভয় পক্ষকে সংযত থাকার আহ্বান জানিয়েছেন। ইউরোপীয় ইউনিয়নও উত্তেজনা প্রশমনে কূটনৈতিক সমাধানের ওপর জোর দিয়েছে।

৬৪ লাখ ভোটার বাদে চরম ক্ষুব্ধ
১ম পাতার পর

মমতা বন্দ্যোপাধ্যায় ও তৃণমূল কংগ্রেস এর তীব্র সমালোচনা করে বলেছে, ভোটার তালিকা থেকে এত বিপুল সংখ্যক নাম বাদ দেওয়া গণতন্ত্রের জন্য হুমকি। তারা অবিলম্বে বাদ পড়া ভোটারদের নাম পুনর্বহালের দাবি জানিয়েছে।

নির্বাচন কমিশন জানিয়েছে, মৃত, স্থানান্তরিত ও দ্বৈত ভোটারদের নাম বাদ দেওয়া হয়েছে। তবে কারও নাম ভুলবশত বাদ পড়ে থাকলে তিনি আবেদন করে তা সংশোধন করতে পারবেন।

বিরোধী দলগুলো অভিযোগ করেছে, পরিকল্পিতভাবে নির্দিষ্ট সম্প্রদায়ের ভোটারদের নাম বাদ দেওয়া হয়েছে। তারা বিষয়টি নিয়ে আদালতের দ্বারস্থ হওয়ার ঘোষণা দিয়েছে।

রাজনৈতিক বিশ্লেষকরা বলছেন, আসন্ন নির্বাচনের আগে এই ইস্যু রাজনৈতিক উত্তাপ বাড়াবে। ভোটার তালিকা নিয়ে বিতর্ক নির্বাচনের গ্রহণযোগ্যতা নিয়েও প্রশ্ন তুলতে পারে।

এদিকে বাদ পড়া ভোটারদের অনেকেই জানান, তারা বছরের পর বছর ধরে একই ঠিকানায় বসবাস করছেন। তবুও তাদের নাম কেন বাদ পড়ল, তা তারা বুঝতে পারছেন না।

মাহে রমজান
১ম পাতার পর

এমনিতে আমাদের অভ্যন্তরের প্রবৃত্তিকে নিয়ন্ত্রণ করার শিক্ষা দেয় রমজান। সংযমের মাধ্যমে মানুষ আত্মশুদ্ধি অর্জন করে। এ মাসে বেশি বেশি ইবাদত, দান-সদকা ও কোরআন তিলাওয়াতের মাধ্যমে আল্লাহর নৈকট্য লাভের চেষ্টা করতে হবে।

রমজানে দরিদ্র ও অসহায় মানুষের পাশে দাঁড়ানো প্রত্যেক মুসলমানের দায়িত্ব। জাকাত ও ফিতরা যথাসময়ে আদায় করলে সমাজে বৈষম্য কমে আসে।

এই দিনেই আসে স্বাধীনতা
১ম পাতার পর

ছাত্রলীগের তৎকালীন নেতারা পল্টন ময়দানে বিশাল জনসভায় স্বাধীনতার ইশতেহার পাঠ করেন। সেদিনই জাতীয় সংগীত হিসেবে ‘আমার সোনার বাংলা’ গানটি নির্ধারণ করা হয়।

ইতিহাসবিদরা বলছেন, ৩ মার্চের এই ঘোষণা স্বাধীনতা আন্দোলনকে নতুন গতি দেয়। এর মধ্য দিয়ে বাঙালি জাতি স্বাধীনতার পথে আরও এক ধাপ এগিয়ে যায়।

সেদিন সারাদেশে হরতাল পালিত হয়। বিক্ষুব্ধ জনতা রাস্তায় নেমে আসে। পাকিস্তানি শাসকগোষ্ঠীর বিরুদ্ধে গণঅসন্তোষ চরমে পৌঁছায়।

দিবসটি উপলক্ষে বিভিন্ন সংগঠন আলোচনা সভা ও সাংস্কৃতিক অনুষ্ঠানের আয়োজন করেছে। বক্তারা স্বাধীনতার চেতনা ধারণ করে দেশ গঠনে সবাইকে এগিয়ে আসার আহ্বান জানান।

নেতানিয়াহুর কার্যালয়ে
১ম পাতার পর

কর্মকর্তা Ali Larijani বলেন, প্রতিরোধ অব্যাহত থাকবে। ইরানের সর্বোচ্চ নিরাপত্তা পরিষদ জানিয়েছে, যেকোনো আগ্রাসনের কঠোর জবাব দেওয়া হবে।

মার্কিন প্রেসিডেন্ট Donald Trump বলেছেন, পরিস্থিতি নিবিড়ভাবে পর্যবেক্ষণ করা হচ্ছে। ইউরোপীয় কমিশনের প্রেসিডেন্ট Ursula von der Leyen সব পক্ষকে সর্বোচ্চ সংযম দেখানোর আহ্বান জানিয়েছেন।

আন্তর্জাতিক বিশ্লেষকরা বলছেন, এই হামলা অঞ্চলটিতে নতুন সংঘাতের সূচনা করতে পারে। জাতিসংঘ নিরাপত্তা পরিষদের জরুরি বৈঠক আহ্বান করা হয়েছে।
